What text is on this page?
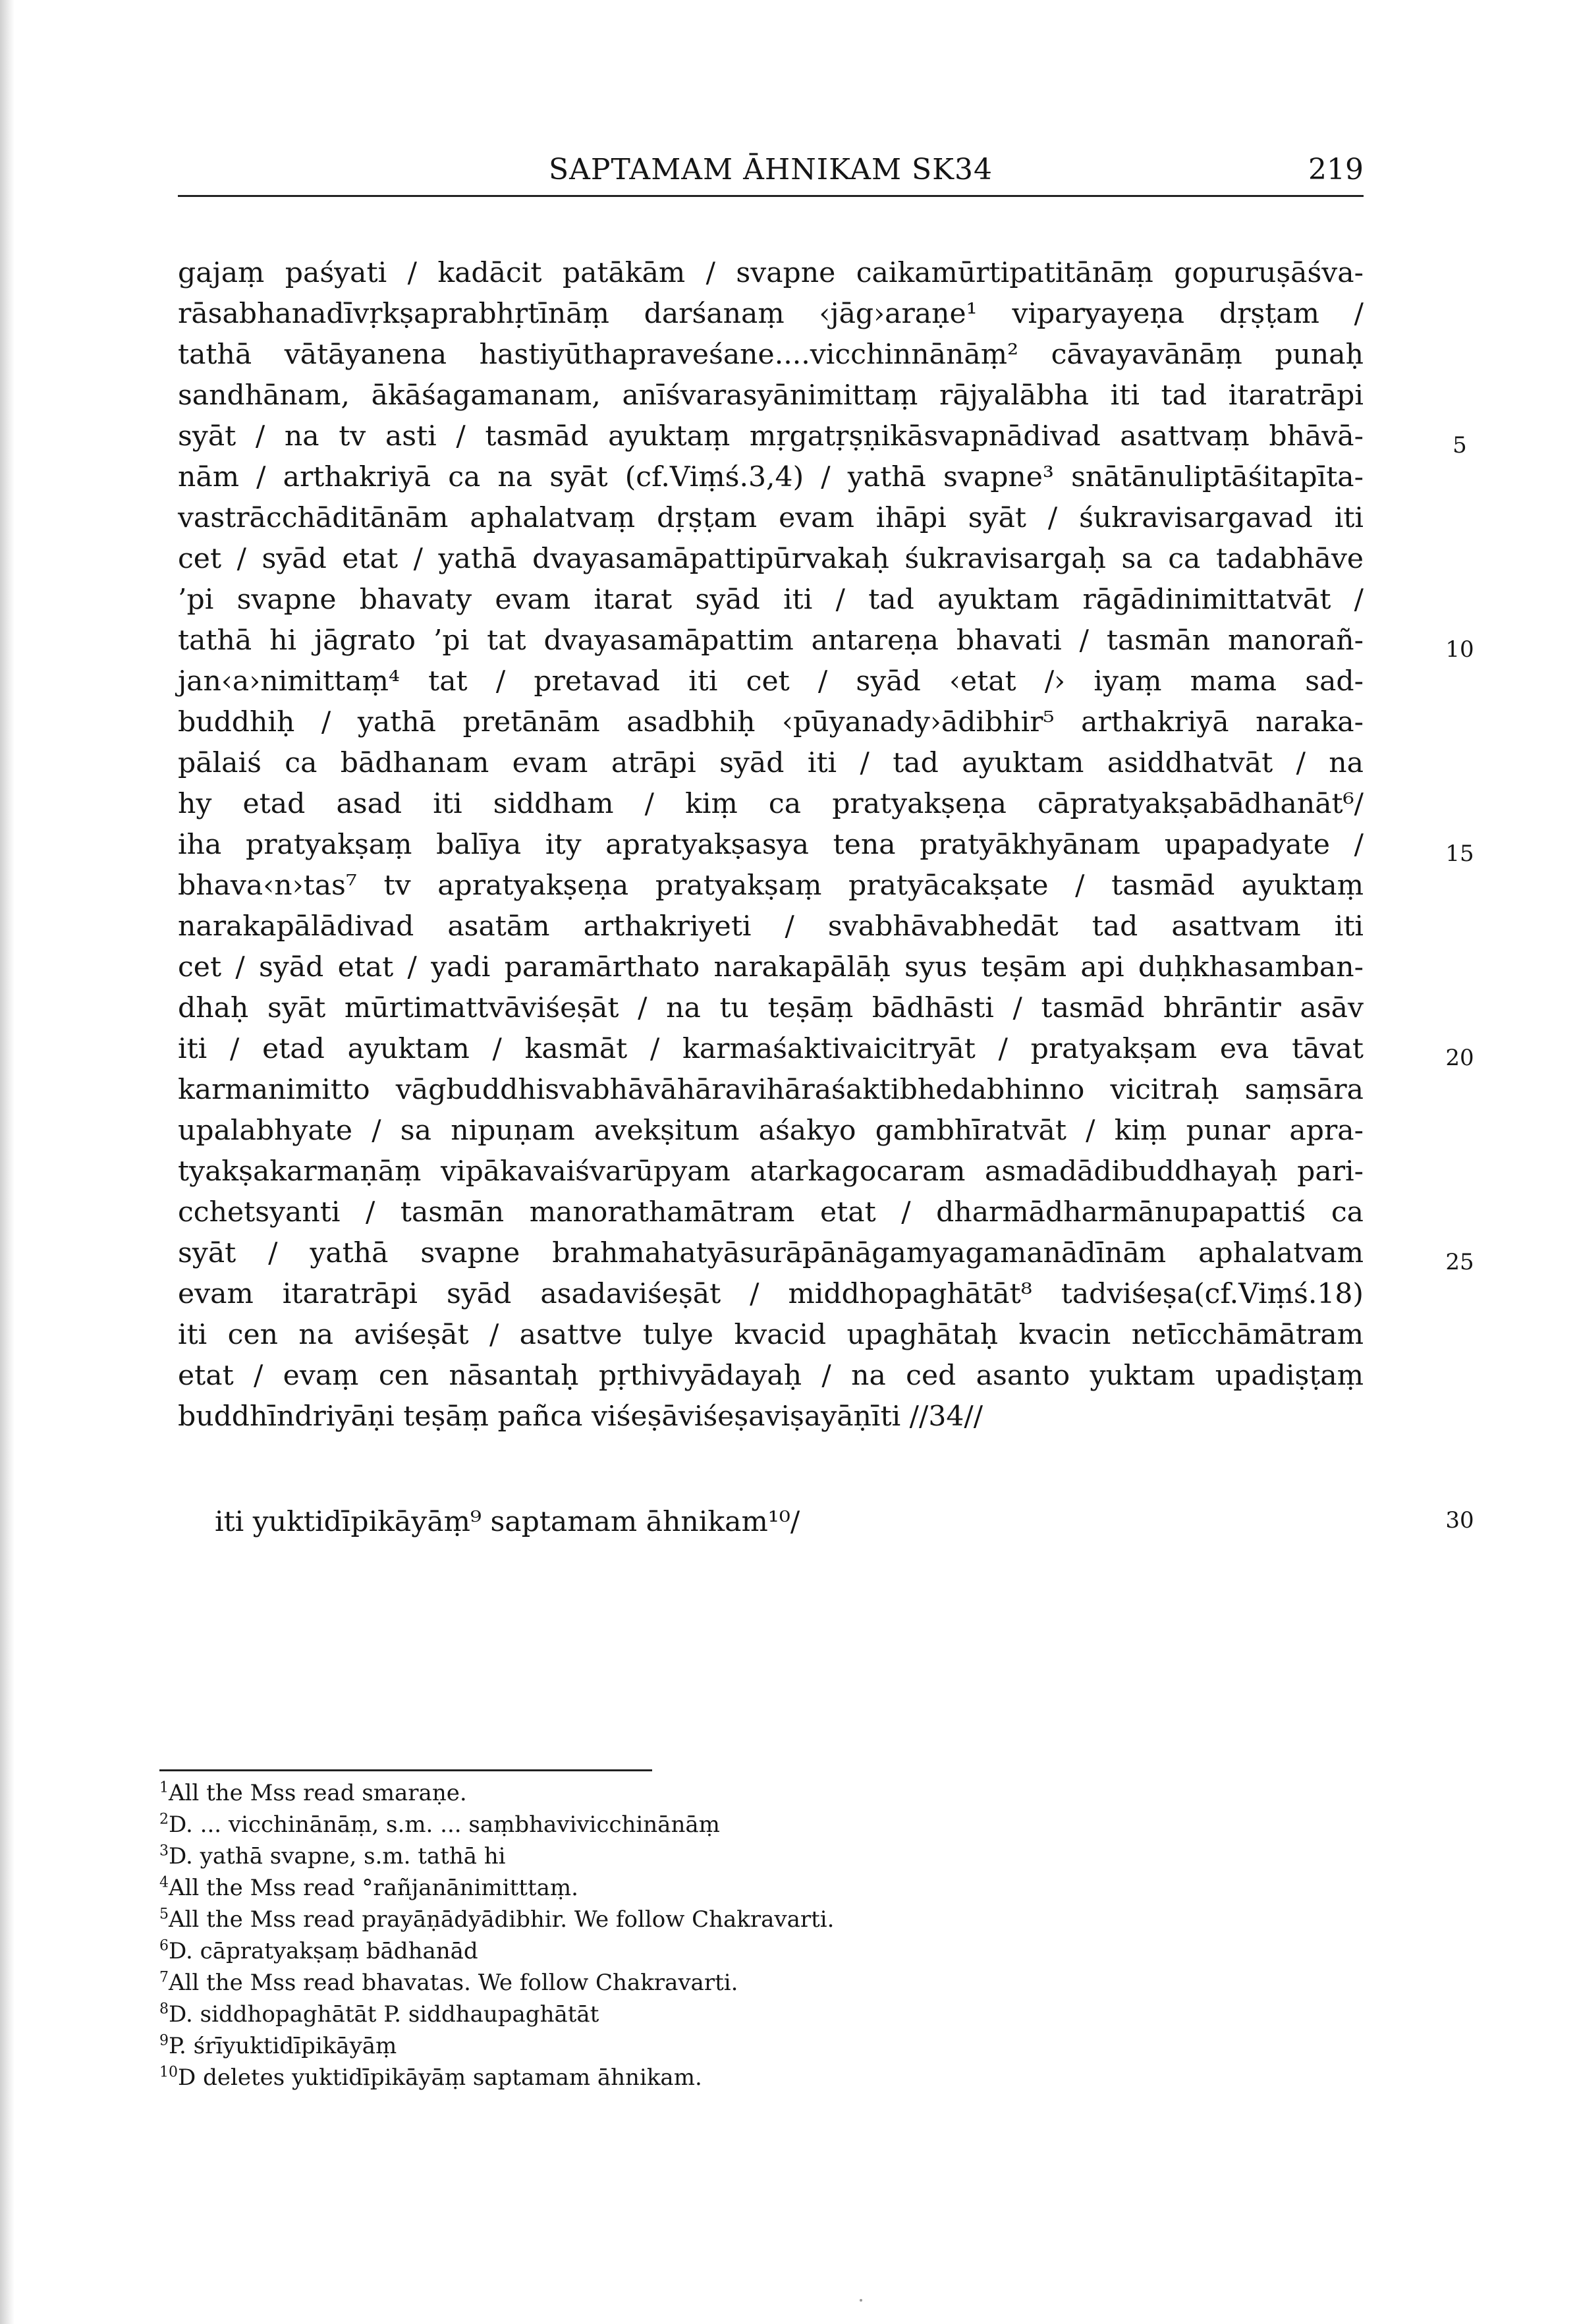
SAPTAMAM ĀHNIKAM SK34	219
gajaṃ paśyati / kadācit patākām / svapne caikamūrtipatitānāṃ gopuruṣāśva-
rāsabhanadīvṛkṣaprabhṛtīnāṃ darśanaṃ ‹jāg›araṇe¹ viparyayeṇa dṛṣṭam /
tathā vātāyanena hastiyūthapraveśane....vicchinnānāṃ² cāvayavānāṃ punaḥ
sandhānam, ākāśagamanam, anīśvarasyānimittaṃ rājyalābha iti tad itaratrāpi
syāt / na tv asti / tasmād ayuktaṃ mṛgatṛṣṇikāsvapnādivad asattvaṃ bhāvā-
nām / arthakriyā ca na syāt (cf.Viṃś.3,4) / yathā svapne³ snātānuliptāśitapīta-
vastrācchāditānām aphalatvaṃ dṛṣṭam evam ihāpi syāt / śukravisargavad iti
cet / syād etat / yathā dvayasamāpattipūrvakaḥ śukravisargaḥ sa ca tadabhāve
’pi svapne bhavaty evam itarat syād iti / tad ayuktam rāgādinimittatvāt /
tathā hi jāgrato ’pi tat dvayasamāpattim antareṇa bhavati / tasmān manorañ-
jan‹a›nimittaṃ⁴ tat / pretavad iti cet / syād ‹etat /› iyaṃ mama sad-
buddhiḥ / yathā pretānām asadbhiḥ ‹pūyanady›ādibhir⁵ arthakriyā naraka-
pālaiś ca bādhanam evam atrāpi syād iti / tad ayuktam asiddhatvāt / na
hy etad asad iti siddham / kiṃ ca pratyakṣeṇa cāpratyakṣabādhanāt⁶/
iha pratyakṣaṃ balīya ity apratyakṣasya tena pratyākhyānam upapadyate /
bhava‹n›tas⁷ tv apratyakṣeṇa pratyakṣaṃ pratyācakṣate / tasmād ayuktaṃ
narakapālādivad asatām arthakriyeti / svabhāvabhedāt tad asattvam iti
cet / syād etat / yadi paramārthato narakapālāḥ syus teṣām api duḥkhasamban-
dhaḥ syāt mūrtimattvāviśeṣāt / na tu teṣāṃ bādhāsti / tasmād bhrāntir asāv
iti / etad ayuktam / kasmāt / karmaśaktivaicitryāt / pratyakṣam eva tāvat
karmanimitto vāgbuddhisvabhāvāhāravihāraśaktibhedabhinno vicitraḥ saṃsāra
upalabhyate / sa nipuṇam avekṣitum aśakyo gambhīratvāt / kiṃ punar apra-
tyakṣakarmaṇāṃ vipākavaiśvarūpyam atarkagocaram asmadādibuddhayaḥ pari-
cchetsyanti / tasmān manorathamātram etat / dharmādharmānupapattiś ca
syāt / yathā svapne brahmahatyāsurāpānāgamyagamanādīnām aphalatvam
evam itaratrāpi syād asadaviśeṣāt / middhopaghātāt⁸ tadviśeṣa(cf.Viṃś.18)
iti cen na aviśeṣāt / asattve tulye kvacid upaghātaḥ kvacin netīcchāmātram
etat / evaṃ cen nāsantaḥ pṛthivyādayaḥ / na ced asanto yuktam upadiṣṭaṃ
buddhīndriyāṇi teṣāṃ pañca viśeṣāviśeṣaviṣayāṇīti //34//
5
10
15
20
25
iti yuktidīpikāyāṃ⁹ saptamam āhnikam¹⁰/	30
$^1$All the Mss read smaraṇe.
$^2$D. ... vicchinānāṃ, s.m. ... saṃbhavivicchinānāṃ
$^3$D. yathā svapne, s.m. tathā hi
$^4$All the Mss read °rañjanānimitttaṃ.
$^5$All the Mss read prayāṇādyādibhir. We follow Chakravarti.
$^6$D. cāpratyakṣaṃ bādhanād
$^7$All the Mss read bhavatas. We follow Chakravarti.
$^8$D. siddhopaghātāt P. siddhaupaghātāt
$^9$P. śrīyuktidīpikāyāṃ
$^{10}$D deletes yuktidīpikāyāṃ saptamam āhnikam.
